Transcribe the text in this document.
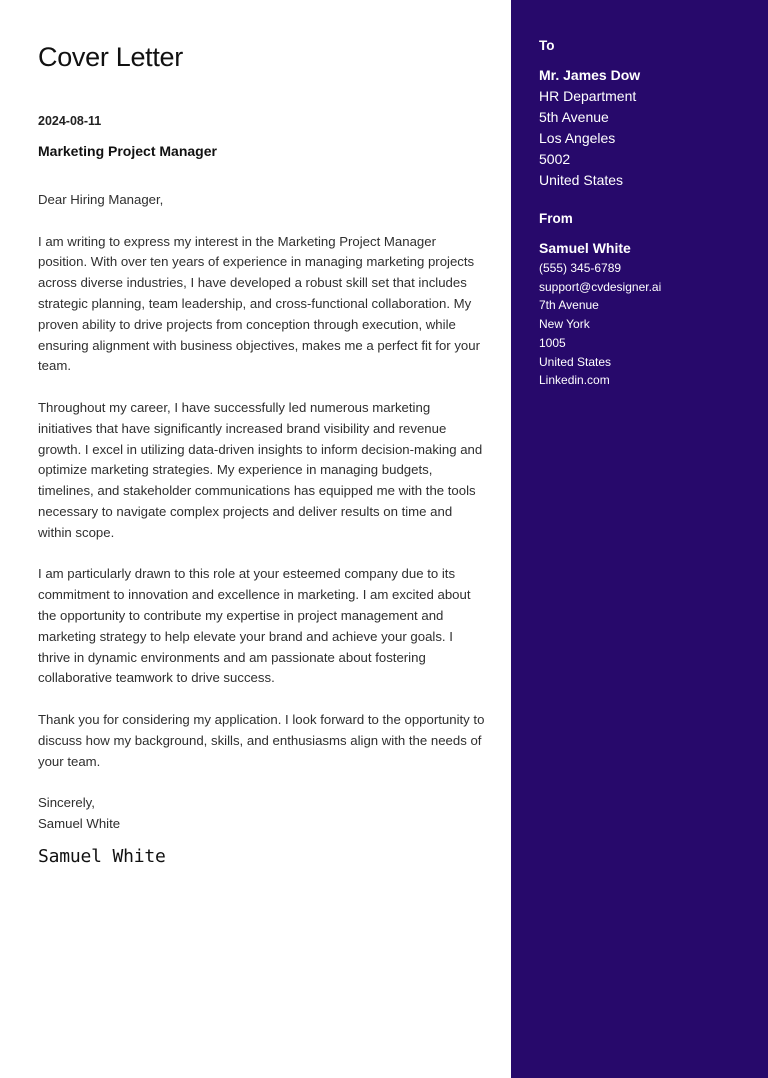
Cover Letter
2024-08-11
Marketing Project Manager

Dear Hiring Manager,

I am writing to express my interest in the Marketing Project Manager position. With over ten years of experience in managing marketing projects across diverse industries, I have developed a robust skill set that includes strategic planning, team leadership, and cross-functional collaboration. My proven ability to drive projects from conception through execution, while ensuring alignment with business objectives, makes me a perfect fit for your team.

Throughout my career, I have successfully led numerous marketing initiatives that have significantly increased brand visibility and revenue growth. I excel in utilizing data-driven insights to inform decision-making and optimize marketing strategies. My experience in managing budgets, timelines, and stakeholder communications has equipped me with the tools necessary to navigate complex projects and deliver results on time and within scope.

I am particularly drawn to this role at your esteemed company due to its commitment to innovation and excellence in marketing. I am excited about the opportunity to contribute my expertise in project management and marketing strategy to help elevate your brand and achieve your goals. I thrive in dynamic environments and am passionate about fostering collaborative teamwork to drive success.

Thank you for considering my application. I look forward to the opportunity to discuss how my background, skills, and enthusiasms align with the needs of your team.

Sincerely,

Samuel White

Samuel White
To
Mr. James Dow
HR Department
5th Avenue
Los Angeles
5002
United States
From
Samuel White
(555) 345-6789
support@cvdesigner.ai
7th Avenue
New York
1005
United States
Linkedin.com
